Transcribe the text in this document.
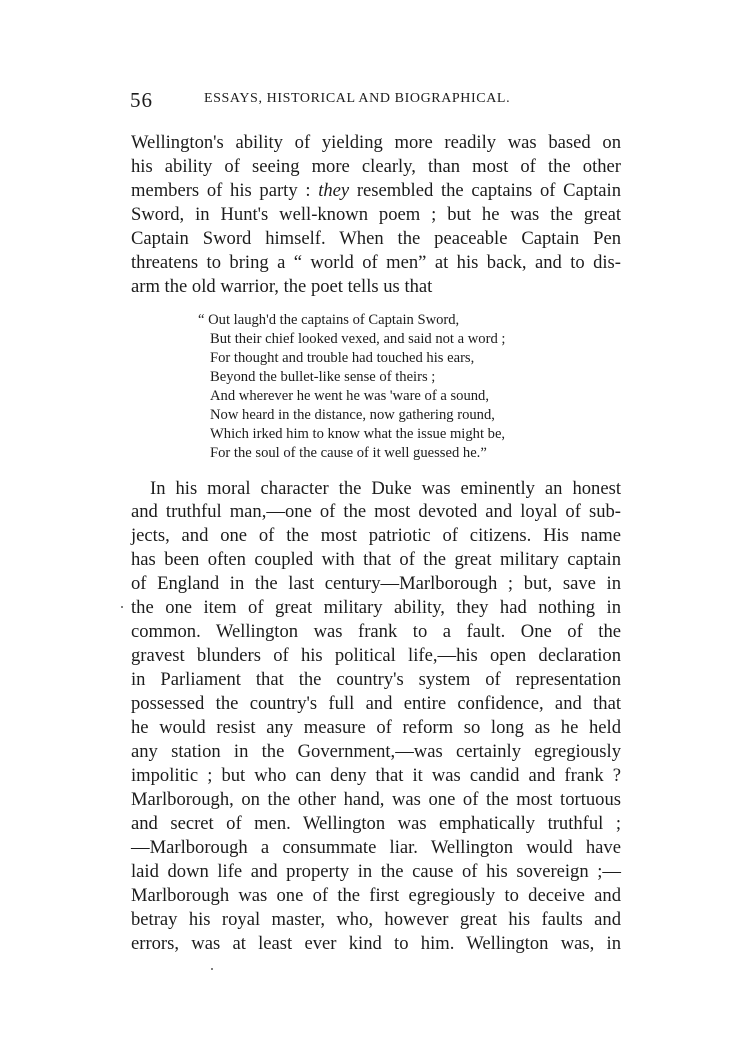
56	ESSAYS, HISTORICAL AND BIOGRAPHICAL.
Wellington's ability of yielding more readily was based on
his ability of seeing more clearly, than most of the other
members of his party : they resembled the captains of Captain
Sword, in Hunt's well-known poem ; but he was the great
Captain Sword himself. When the peaceable Captain Pen
threatens to bring a “ world of men” at his back, and to dis-
arm the old warrior, the poet tells us that
“ Out laugh'd the captains of Captain Sword,
But their chief looked vexed, and said not a word ;
For thought and trouble had touched his ears,
Beyond the bullet-like sense of theirs ;
And wherever he went he was 'ware of a sound,
Now heard in the distance, now gathering round,
Which irked him to know what the issue might be,
For the soul of the cause of it well guessed he.”
In his moral character the Duke was eminently an honest
and truthful man,—one of the most devoted and loyal of sub-
jects, and one of the most patriotic of citizens. His name
has been often coupled with that of the great military captain
of England in the last century—Marlborough ; but, save in
the one item of great military ability, they had nothing in
common. Wellington was frank to a fault. One of the
gravest blunders of his political life,—his open declaration
in Parliament that the country's system of representation
possessed the country's full and entire confidence, and that
he would resist any measure of reform so long as he held
any station in the Government,—was certainly egregiously
impolitic ; but who can deny that it was candid and frank ?
Marlborough, on the other hand, was one of the most tortuous
and secret of men. Wellington was emphatically truthful ;
—Marlborough a consummate liar. Wellington would have
laid down life and property in the cause of his sovereign ;—
Marlborough was one of the first egregiously to deceive and
betray his royal master, who, however great his faults and
errors, was at least ever kind to him. Wellington was, in
